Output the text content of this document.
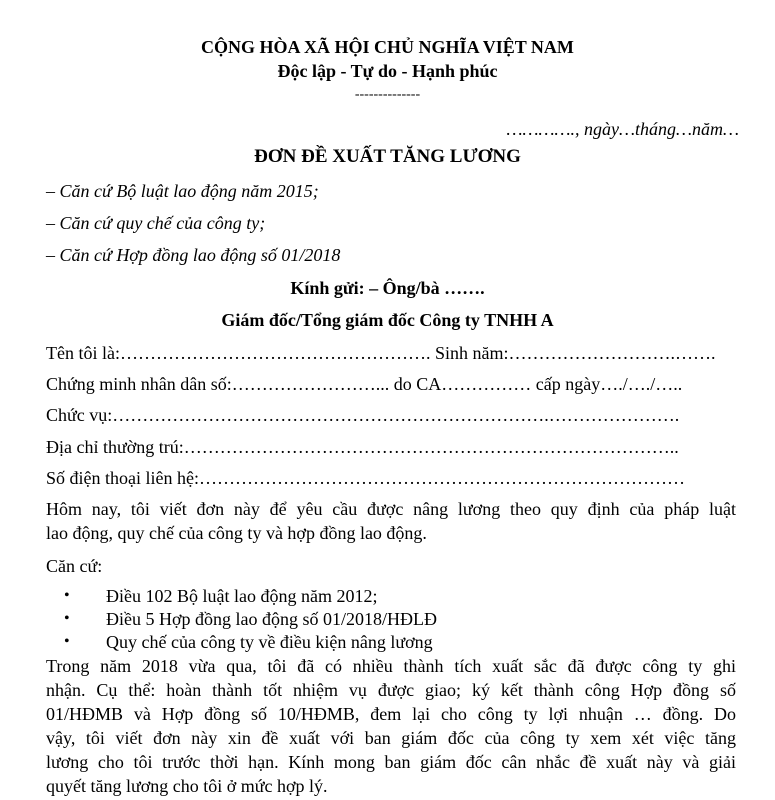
CỘNG HÒA XÃ HỘI CHỦ NGHĨA VIỆT NAM
Độc lập - Tự do - Hạnh phúc
--------------
…………., ngày…tháng…năm…
ĐƠN ĐỀ XUẤT TĂNG LƯƠNG
– Căn cứ Bộ luật lao động năm 2015;
– Căn cứ quy chế của công ty;
– Căn cứ Hợp đồng lao động số 01/2018
Kính gửi: – Ông/bà …….
Giám đốc/Tổng giám đốc Công ty TNHH A
Tên tôi là:……………………………………………. Sinh năm:……………………….…….
Chứng minh nhân dân số:……………………... do CA…………… cấp ngày…./…./…..
Chức vụ:……………………………………………………………….………………….
Địa chỉ thường trú:………………………………………………………………………..
Số điện thoại liên hệ:………………………………………………………………………
Hôm nay, tôi viết đơn này để yêu cầu được nâng lương theo quy định của pháp luật
lao động, quy chế của công ty và hợp đồng lao động.
Căn cứ:
• Điều 102 Bộ luật lao động năm 2012;
• Điều 5 Hợp đồng lao động số 01/2018/HĐLĐ
• Quy chế của công ty về điều kiện nâng lương
Trong năm 2018 vừa qua, tôi đã có nhiều thành tích xuất sắc đã được công ty ghi
nhận. Cụ thể: hoàn thành tốt nhiệm vụ được giao; ký kết thành công Hợp đồng số
01/HĐMB và Hợp đồng số 10/HĐMB, đem lại cho công ty lợi nhuận … đồng. Do
vậy, tôi viết đơn này xin đề xuất với ban giám đốc của công ty xem xét việc tăng
lương cho tôi trước thời hạn. Kính mong ban giám đốc cân nhắc đề xuất này và giải
quyết tăng lương cho tôi ở mức hợp lý.
